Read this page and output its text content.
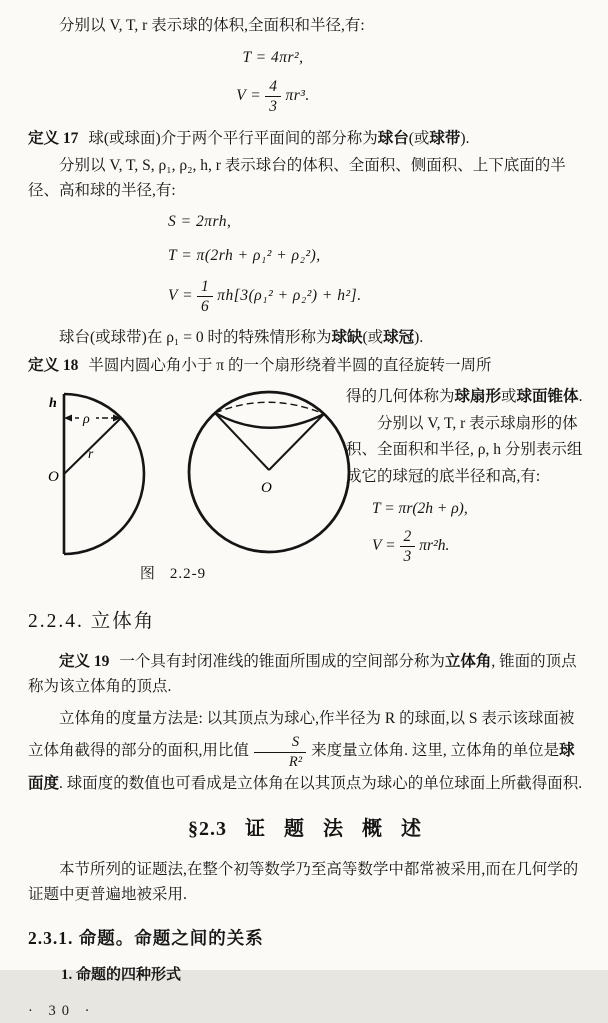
分别以 V, T, r 表示球的体积,全面积和半径,有:

T = 4πr²,
$V = \frac{4}{3} \pi r^3$.

定义 17 球(或球面)介于两个平行平面间的部分称为球台(或球带).

分别以 V, T, S, ρ₁, ρ₂, h, r 表示球台的体积、全面积、侧面积、上下底面的半径、高和球的半径,有:

S = 2πrh,
T = π(2rh + ρ₁² + ρ₂²),
$V = \frac{1}{6} \pi h[3(\rho_1^2 + \rho_2^2) + h^2]$.

球台(或球带)在 ρ₁ = 0 时的特殊情形称为球缺(或球冠).

定义 18 半圆内圆心角小于 π 的一个扇形绕着半圆的直径旋转一周所

ρ
r
h
O
O
图 2.2-9

得的几何体称为球扇形或球面锥体.

分别以 V, T, r 表示球扇形的体积、全面积和半径, ρ, h 分别表示组成它的球冠的底半径和高,有:

T = πr(2h + ρ),
$V = \frac{2}{3} \pi r^2h$.
2.2.4. 立体角

定义 19 一个具有封闭准线的锥面所围成的空间部分称为立体角, 锥面的顶点称为该立体角的顶点.

立体角的度量方法是: 以其顶点为球心,作半径为 R 的球面,以 S 表示该球面被立体角截得的部分的面积,用比值 $\frac{S}{\text{R²}}$ 来度量立体角. 这里, 立体角的单位是球面度. 球面度的数值也可看成是立体角在以其顶点为球心的单位球面上所截得面积.

§2.3 证 题 法 概 述

本节所列的证题法,在整个初等数学乃至高等数学中都常被采用,而在几何学的证题中更普遍地被采用.

2.3.1. 命题。命题之间的关系
1. 命题的四种形式
· 30 ·
